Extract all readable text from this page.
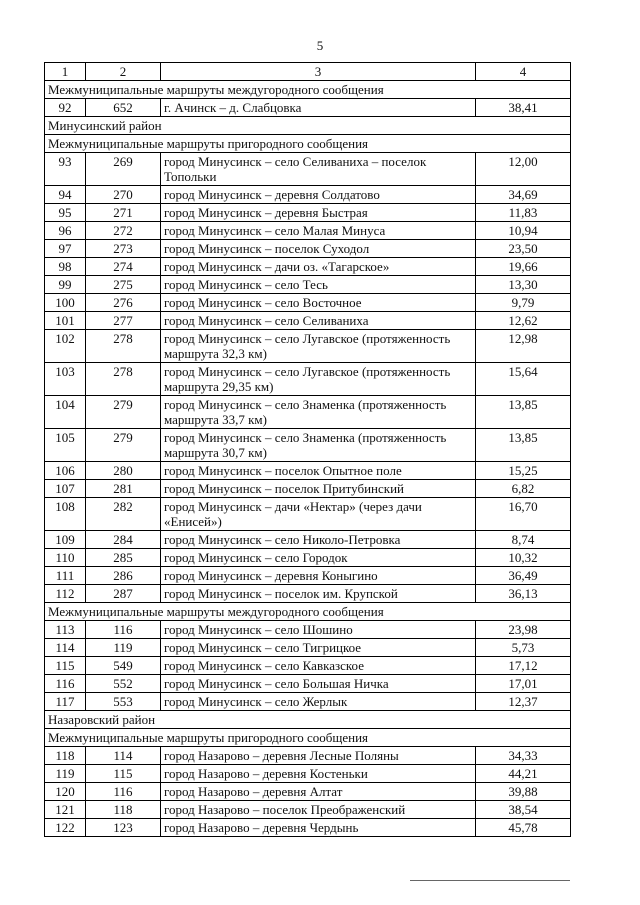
5
1	2	3	4
Межмуниципальные маршруты междугородного сообщения			
92	652	г. Ачинск – д. Слабцовка	38,41
Минусинский район			
Межмуниципальные маршруты пригородного сообщения			
93	269	город Минусинск – село Селиваниха – поселок Топольки	12,00
94	270	город Минусинск – деревня Солдатово	34,69
95	271	город Минусинск – деревня Быстрая	11,83
96	272	город Минусинск – село Малая Минуса	10,94
97	273	город Минусинск – поселок Суходол	23,50
98	274	город Минусинск – дачи оз. «Тагарское»	19,66
99	275	город Минусинск – село Тесь	13,30
100	276	город Минусинск – село Восточное	9,79
101	277	город Минусинск – село Селиваниха	12,62
102	278	город Минусинск – село Лугавское (протяженность маршрута 32,3 км)	12,98
103	278	город Минусинск – село Лугавское (протяженность маршрута 29,35 км)	15,64
104	279	город Минусинск – село Знаменка (протяженность маршрута 33,7 км)	13,85
105	279	город Минусинск – село Знаменка (протяженность маршрута 30,7 км)	13,85
106	280	город Минусинск – поселок Опытное поле	15,25
107	281	город Минусинск – поселок Притубинский	6,82
108	282	город Минусинск – дачи «Нектар» (через дачи «Енисей»)	16,70
109	284	город Минусинск – село Николо-Петровка	8,74
110	285	город Минусинск – село Городок	10,32
111	286	город Минусинск – деревня Коныгино	36,49
112	287	город Минусинск – поселок им. Крупской	36,13
Межмуниципальные маршруты междугородного сообщения			
113	116	город Минусинск – село Шошино	23,98
114	119	город Минусинск – село Тигрицкое	5,73
115	549	город Минусинск – село Кавказское	17,12
116	552	город Минусинск – село Большая Ничка	17,01
117	553	город Минусинск – село Жерлык	12,37
Назаровский район			
Межмуниципальные маршруты пригородного сообщения			
118	114	город Назарово – деревня Лесные Поляны	34,33
119	115	город Назарово – деревня Костеньки	44,21
120	116	город Назарово – деревня Алтат	39,88
121	118	город Назарово – поселок Преображенский	38,54
122	123	город Назарово – деревня Чердынь	45,78
